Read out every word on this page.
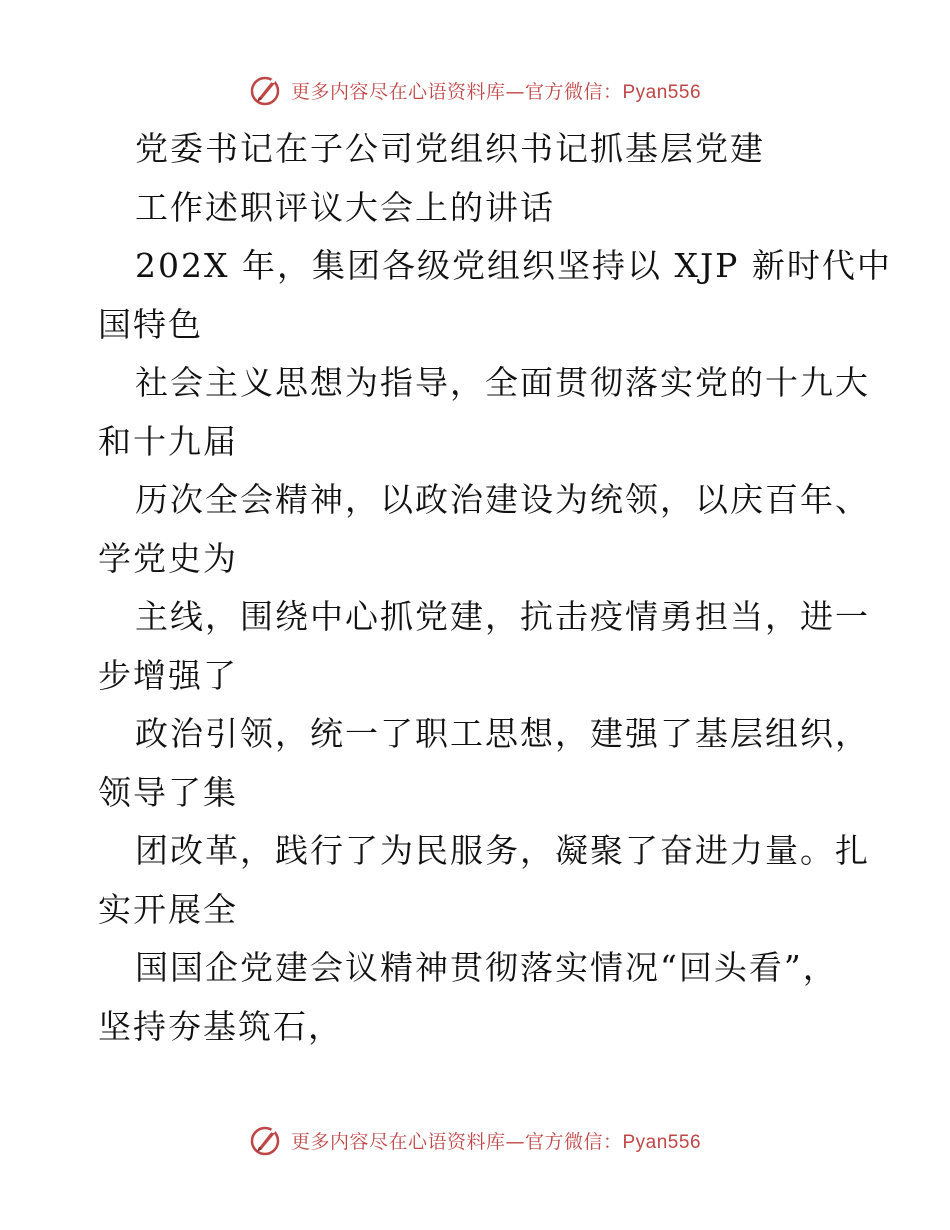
更多内容尽在心语资料库—官方微信：Pyan556
党委书记在子公司党组织书记抓基层党建
工作述职评议大会上的讲话
202X 年，集团各级党组织坚持以 XJP 新时代中
国特色
社会主义思想为指导，全面贯彻落实党的十九大
和十九届
历次全会精神，以政治建设为统领，以庆百年、
学党史为
主线，围绕中心抓党建，抗击疫情勇担当，进一
步增强了
政治引领，统一了职工思想，建强了基层组织，
领导了集
团改革，践行了为民服务，凝聚了奋进力量。扎
实开展全
国国企党建会议精神贯彻落实情况“回头看”，
坚持夯基筑石，
更多内容尽在心语资料库—官方微信：Pyan556
